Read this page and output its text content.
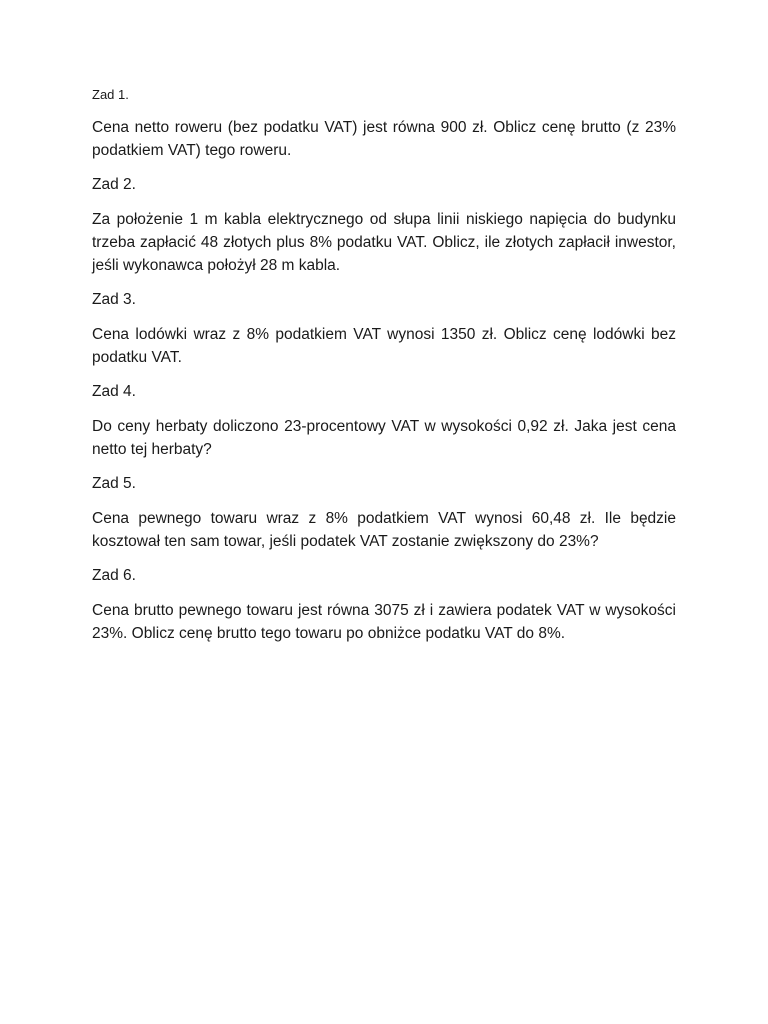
Zad 1.
Cena netto roweru (bez podatku VAT) jest równa 900 zł. Oblicz cenę brutto (z 23% podatkiem VAT) tego roweru.
Zad 2.
Za położenie 1 m kabla elektrycznego od słupa linii niskiego napięcia do budynku trzeba zapłacić 48 złotych plus 8% podatku VAT. Oblicz, ile złotych zapłacił inwestor, jeśli wykonawca położył 28 m kabla.
Zad 3.
Cena lodówki wraz z 8% podatkiem VAT wynosi 1350 zł. Oblicz cenę lodówki bez podatku VAT.
Zad 4.
Do ceny herbaty doliczono 23-procentowy VAT w wysokości 0,92 zł. Jaka jest cena netto tej herbaty?
Zad 5.
Cena pewnego towaru wraz z 8% podatkiem VAT wynosi 60,48 zł. Ile będzie kosztował ten sam towar, jeśli podatek VAT zostanie zwiększony do 23%?
Zad 6.
Cena brutto pewnego towaru jest równa 3075 zł i zawiera podatek VAT w wysokości 23%. Oblicz cenę brutto tego towaru po obniżce podatku VAT do 8%.
